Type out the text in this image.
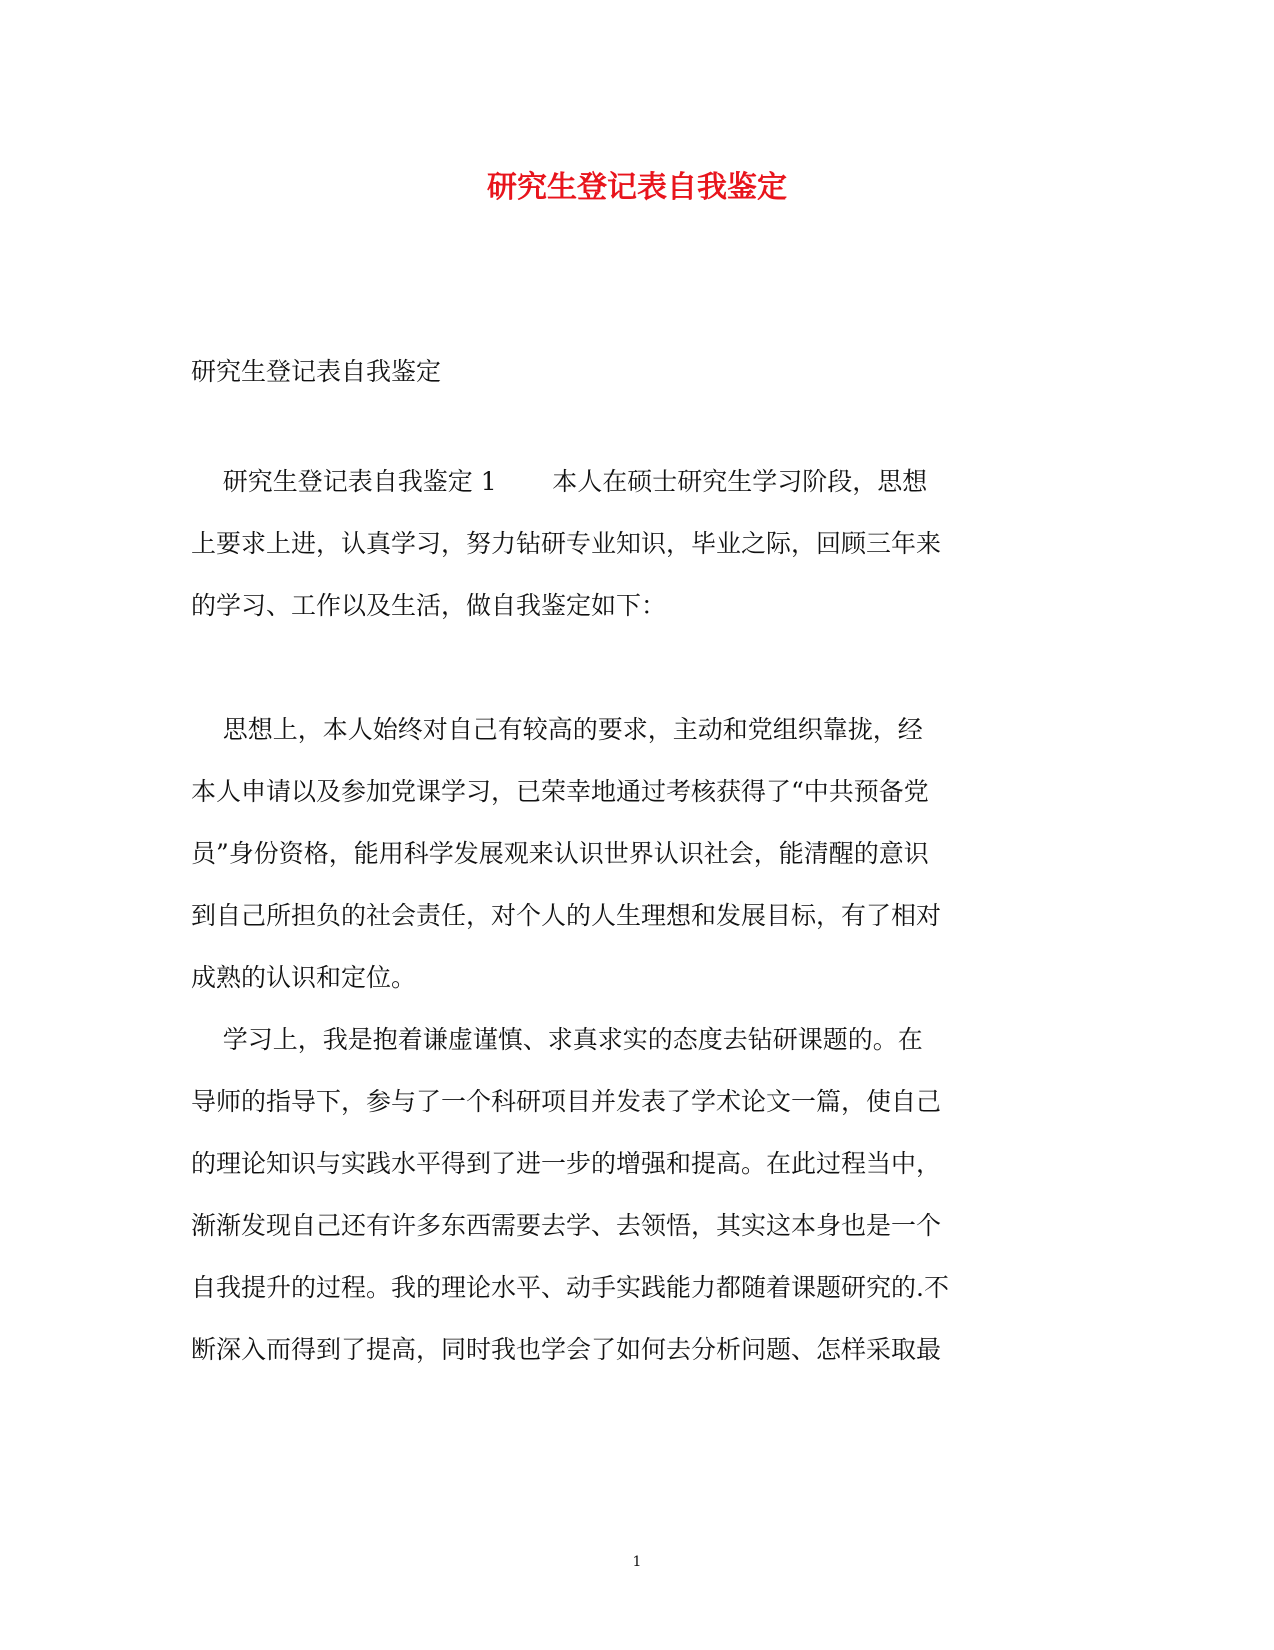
研究生登记表自我鉴定

研究生登记表自我鉴定

研究生登记表自我鉴定 1       本人在硕士研究生学习阶段，思想
上要求上进，认真学习，努力钻研专业知识，毕业之际，回顾三年来
的学习、工作以及生活，做自我鉴定如下：
思想上，本人始终对自己有较高的要求，主动和党组织靠拢，经
本人申请以及参加党课学习，已荣幸地通过考核获得了“中共预备党
员”身份资格，能用科学发展观来认识世界认识社会，能清醒的意识
到自己所担负的社会责任，对个人的人生理想和发展目标，有了相对
成熟的认识和定位。
学习上，我是抱着谦虚谨慎、求真求实的态度去钻研课题的。在
导师的指导下，参与了一个科研项目并发表了学术论文一篇，使自己
的理论知识与实践水平得到了进一步的增强和提高。在此过程当中，
渐渐发现自己还有许多东西需要去学、去领悟，其实这本身也是一个
自我提升的过程。我的理论水平、动手实践能力都随着课题研究的.不
断深入而得到了提高，同时我也学会了如何去分析问题、怎样采取最

1
